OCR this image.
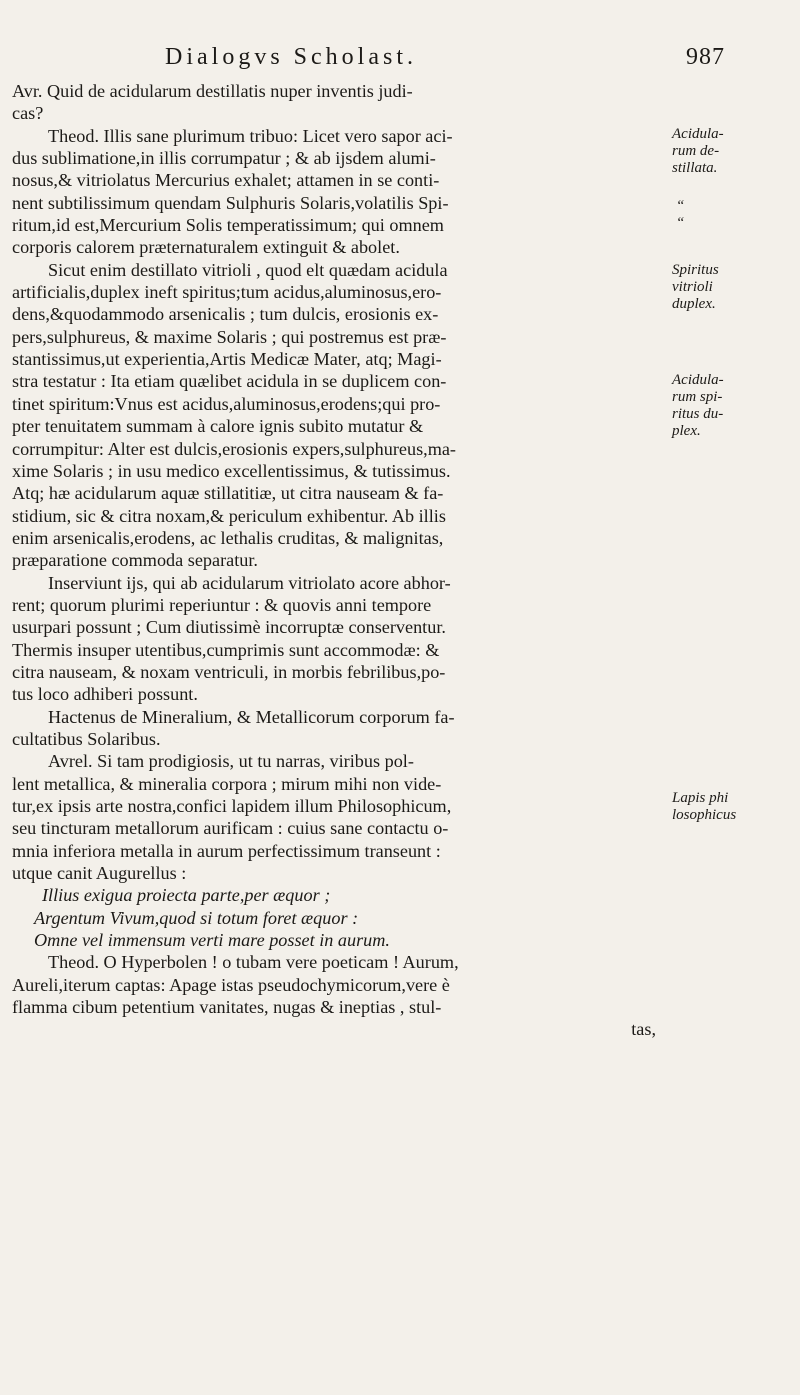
Dialogvs Scholast.	987
Avr. Quid de acidularum destillatis nuper inventis judi-
cas?
Theod. Illis sane plurimum tribuo: Licet vero sapor aci-
dus sublimatione,in illis corrumpatur ; & ab ijsdem alumi-
nosus,& vitriolatus Mercurius exhalet; attamen in se conti-
nent subtilissimum quendam Sulphuris Solaris,volatilis Spi-
ritum,id est,Mercurium Solis temperatissimum; qui omnem
corporis calorem præternaturalem extinguit & abolet.
Sicut enim destillato vitrioli , quod elt quædam acidula
artificialis,duplex ineft spiritus;tum acidus,aluminosus,ero-
dens,&quodammodo arsenicalis ; tum dulcis, erosionis ex-
pers,sulphureus, & maxime Solaris ; qui postremus est præ-
stantissimus,ut experientia,Artis Medicæ Mater, atq; Magi-
stra testatur : Ita etiam quælibet acidula in se duplicem con-
tinet spiritum:Vnus est acidus,aluminosus,erodens;qui pro-
pter tenuitatem summam à calore ignis subito mutatur &
corrumpitur: Alter est dulcis,erosionis expers,sulphureus,ma-
xime Solaris ; in usu medico excellentissimus, & tutissimus.
Atq; hæ acidularum aquæ stillatitiæ, ut citra nauseam & fa-
stidium, sic & citra noxam,& periculum exhibentur. Ab illis
enim arsenicalis,erodens, ac lethalis cruditas, & malignitas,
præparatione commoda separatur.
Inserviunt ijs, qui ab acidularum vitriolato acore abhor-
rent; quorum plurimi reperiuntur : & quovis anni tempore
usurpari possunt ; Cum diutissimè incorruptæ conserventur.
Thermis insuper utentibus,cumprimis sunt accommodæ: &
citra nauseam, & noxam ventriculi, in morbis febrilibus,po-
tus loco adhiberi possunt.
Hactenus de Mineralium, & Metallicorum corporum fa-
cultatibus Solaribus.
Avrel. Si tam prodigiosis, ut tu narras, viribus pol-
lent metallica, & mineralia corpora ; mirum mihi non vide-
tur,ex ipsis arte nostra,confici lapidem illum Philosophicum,
seu tincturam metallorum aurificam : cuius sane contactu o-
mnia inferiora metalla in aurum perfectissimum transeunt :
utque canit Augurellus :
Illius exigua proiecta parte,per æquor ;
Argentum Vivum,quod si totum foret æquor :
Omne vel immensum verti mare posset in aurum.
Theod. O Hyperbolen ! o tubam vere poeticam ! Aurum,
Aureli,iterum captas: Apage istas pseudochymicorum,vere è
flamma cibum petentium vanitates, nugas & ineptias , stul-
tas,
Acidula-
rum de-
stillata.
“
“
Spiritus
vitrioli
duplex.
Acidula-
rum spi-
ritus du-
plex.
Lapis phi
losophicus
